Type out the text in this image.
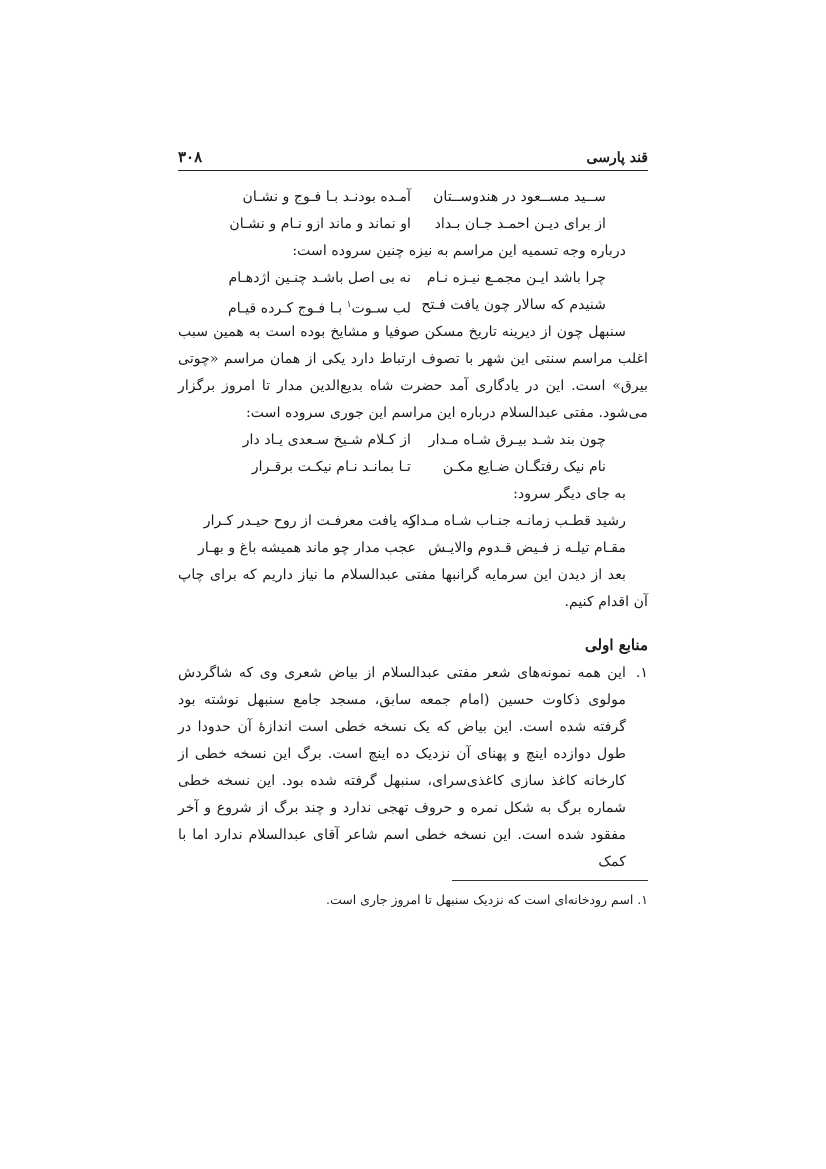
قند پارسی
۳۰۸
ســید مســعود در هندوســتان
آمـده بودنـد بـا فـوج و نشـان
از برای دیـن احمـد جـان بـداد
او نماند و ماند ازو نـام و نشـان

درباره وجه تسمیه این مراسم به نیزه چنین سروده است:

چرا باشد ایـن مجمـع نیـزه نـام
نه بی اصل باشـد چنـین اژدهـام
شنیدم که سالار چون یافت فـتح
لب سـوت$^۱$ بـا فـوج کـرده قیـام

سنبهل چون از دیرینه تاریخ مسکن صوفیا و مشایخ بوده است به همین سبب اغلب مراسم سنتی این شهر با تصوف ارتباط دارد یکی از همان مراسم «چوتی بیرق» است. این در یادگاری آمد حضرت شاه بدیع‌الدین مدار تا امروز برگزار می‌شود. مفتی عبدالسلام درباره این مراسم این جوری سروده است:

چون بند شـد بیـرق شـاه مـدار
از کـلام شـیخ سـعدی یـاد دار
نام نیک رفتگـان ضـایع مکـن
تـا بمانـد نـام نیکـت برقـرار

به جای دیگر سرود:

رشید قطـب زمانـه جنـاب شـاه مـدار
که یافت معرفـت از روح حیـدر کـرار
مقـام تیلـه ز فـیض قـدوم والایـش
عجب مدار چو ماند همیشه باغ و بهـار

بعد از دیدن این سرمایه گرانبها مفتی عبدالسلام ما نیاز داریم که برای چاپ آن اقدام کنیم.

منابع اولی
۱.
این همه نمونه‌های شعر مفتی عبدالسلام از بیاض شعری وی که شاگردش مولوی ذکاوت حسین (امام جمعه سابق، مسجد جامع سنبهل نوشته بود گرفته شده است. این بیاض که یک نسخه خطی است اندازهٔ آن حدودا در طول دوازده اینچ و پهنای آن نزدیک ده اینچ است. برگ این نسخه خطی از کارخانه کاغذ سازی کاغذی‌سرای، سنبهل گرفته شده بود. این نسخه خطی شماره برگ به شکل نمره و حروف تهجی ندارد و چند برگ از شروع و آخر مفقود شده است. این نسخه خطی اسم شاعر آقای عبدالسلام ندارد اما با کمک
۱. اسم رودخانه‌ای است که نزدیک سنبهل تا امروز جاری است.
